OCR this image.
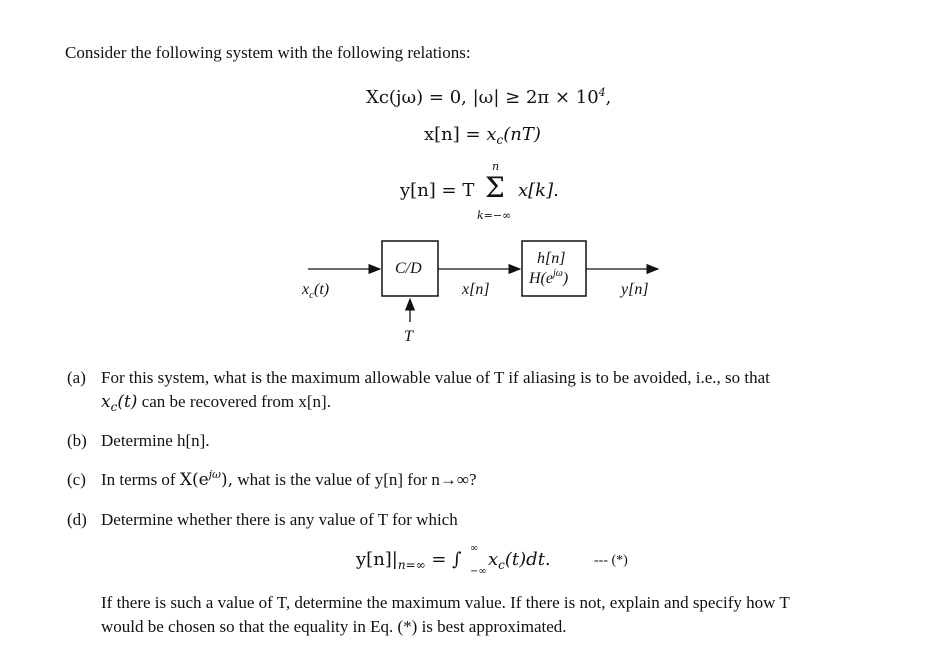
Consider the following system with the following relations:
Xc(jω) = 0, $|\omega| \ge 2\pi \times 10^4$,
$x[n] = x_c(nT)$
y[n] = T
n
Σ
k=−∞
x[k].
$x_c(t)$
C/D
x[n]
h[n]
$H(e^{j\omega})$
y[n]
T
(a) For this system, what is the maximum allowable value of T if aliasing is to be avoided, i.e., so that
$x_c(t)$ can be recovered from x[n].
(b) Determine h[n].
(c) In terms of $X(e^{j\omega})$, what is the value of y[n] for n→∞?
(d) Determine whether there is any value of T for which
$y[n]|_{n=\infty}$ = ∫
∞
−∞
$x_c(t)dt$.	--- (*)
If there is such a value of T, determine the maximum value. If there is not, explain and specify how T
would be chosen so that the equality in Eq. (*) is best approximated.
